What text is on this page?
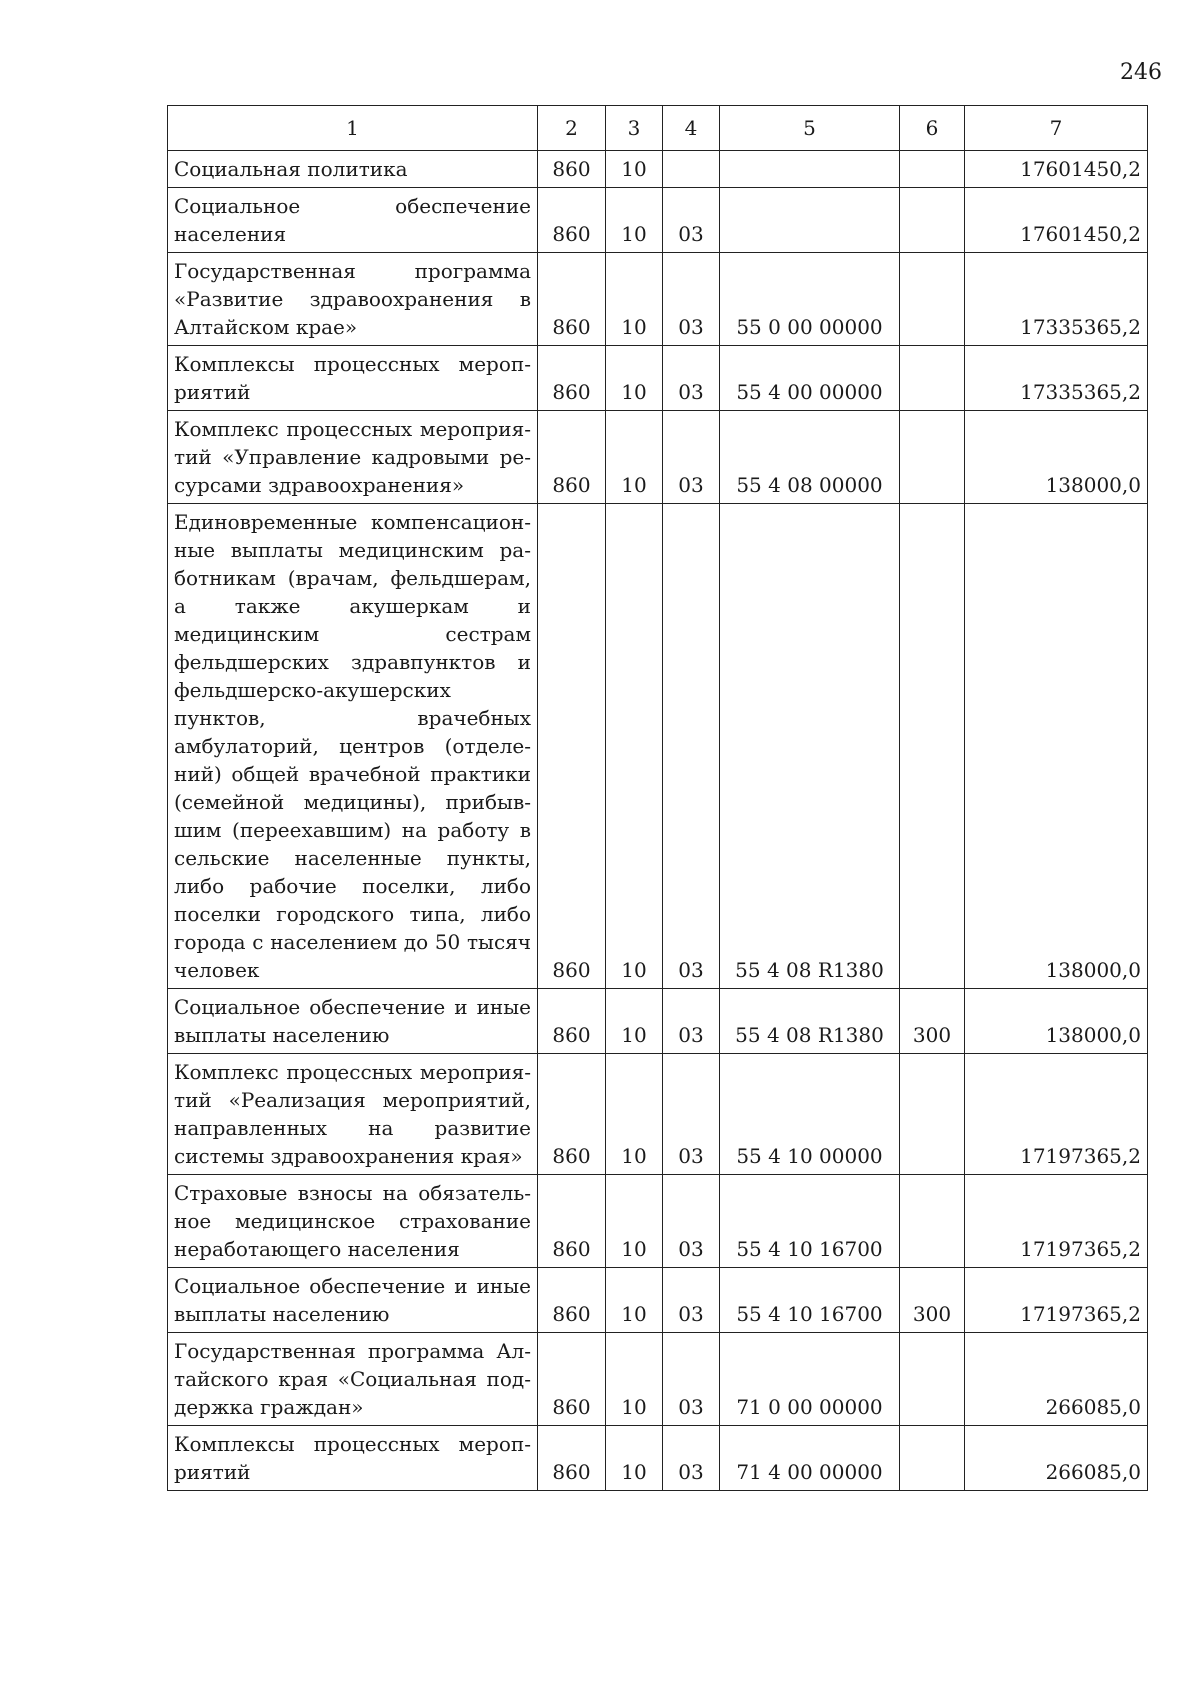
246
1	2	3	4	5	6	7
Социальная политика	860	10				17601450,2
Социальное обеспечение населения	860	10	03			17601450,2
Государственная программа «Развитие здравоохранения в Алтайском крае»	860	10	03	55 0 00 00000		17335365,2
Комплексы процессных мероприятий	860	10	03	55 4 00 00000		17335365,2
Комплекс процессных мероприятий «Управление кадровыми ресурсами здравоохранения»	860	10	03	55 4 08 00000		138000,0
Единовременные компенсационные выплаты медицинским работникам (врачам, фельдшерам, а также акушеркам и медицинским сестрам фельдшерских здравпунктов и фельдшерско-акушерских пунктов, врачебных амбулаторий, центров (отделений) общей врачебной практики (семейной медицины), прибывшим (переехавшим) на работу в сельские населенные пункты, либо рабочие поселки, либо поселки городского типа, либо города с населением до 50 тысяч человек	860	10	03	55 4 08 R1380		138000,0
Социальное обеспечение и иные выплаты населению	860	10	03	55 4 08 R1380	300	138000,0
Комплекс процессных мероприятий «Реализация мероприятий, направленных на развитие системы здравоохранения края»	860	10	03	55 4 10 00000		17197365,2
Страховые взносы на обязательное медицинское страхование неработающего населения	860	10	03	55 4 10 16700		17197365,2
Социальное обеспечение и иные выплаты населению	860	10	03	55 4 10 16700	300	17197365,2
Государственная программа Алтайского края «Социальная поддержка граждан»	860	10	03	71 0 00 00000		266085,0
Комплексы процессных мероприятий	860	10	03	71 4 00 00000		266085,0
